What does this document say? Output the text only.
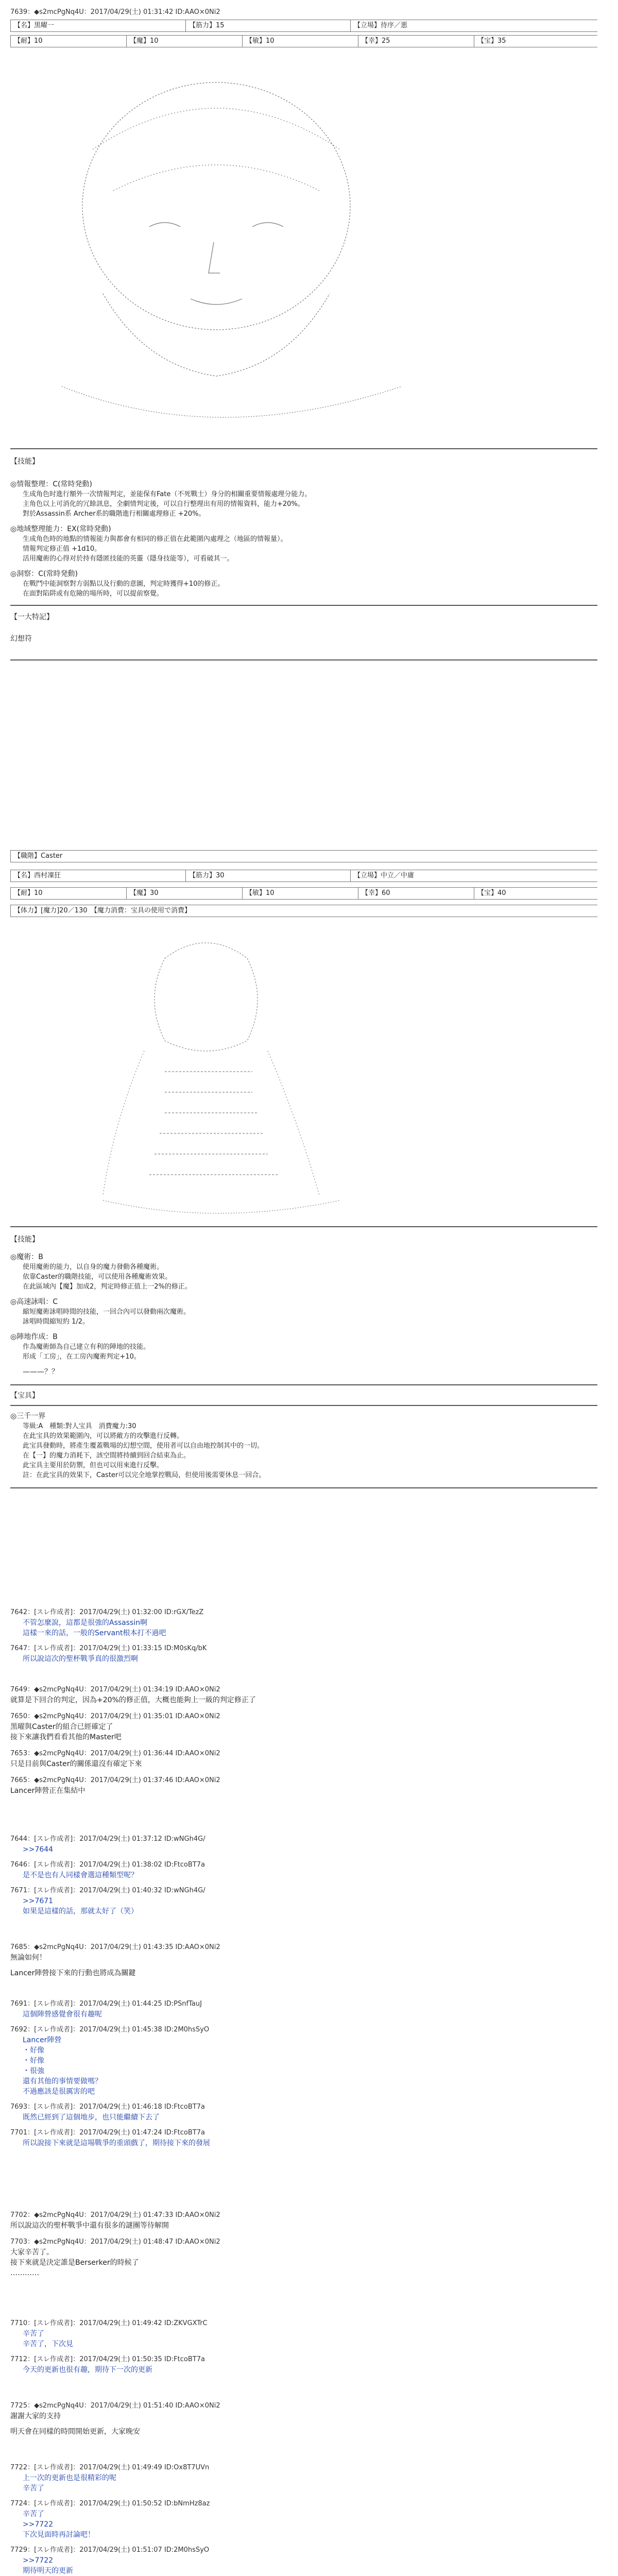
7639：◆s2mcPgNq4U：2017/04/29(土) 01:31:42 ID:AAO×0Ni2
【名】黒曜一	【筋力】15	【立場】待序／悪
【耐】10	【魔】10	【敏】10	【幸】25	【宝】35
【技能】
◎情報整理：C(常時発動)
生成角色时進行額外一次情報判定，並能保有Fate（不死戰士）身分的相關重要情報處理分能力。
主角色以上可消化的冗餘訊息，全劇情判定後，可以自行整理出有用的情報資料，能力+20%。
對於Assassin系 Archer系的職階進行相關處理修正 +20%。
◎地域整理能力：EX(常時発動)
生成角色時的地點的情報能力與都會有相同的修正值在此範圍內處理之（地區的情報量）。
情報判定修正值 +1d10。
活用魔術的心得对於持有隱匿技能的英靈（隱身技能等），可看破其一。
◎洞察：C(常時発動)
在戰鬥中能洞察對方弱點以及行動的意圖，判定時獲得+10的修正。
在面對陷阱或有危險的場所時，可以提前察覺。
【一大特記】
幻想符
【職階】Caster
【名】西村凜狂	【筋力】30	【立場】中立／中庸
【耐】10	【魔】30	【敏】10	【幸】60	【宝】40
【体力】[魔力]20／130　【魔力消費：宝具の使用で消費】
【技能】
◎魔術：B
使用魔術的能力，以自身的魔力發動各種魔術。
依靠Caster的職階技能，可以使用各種魔術效果。
在此區域內【魔】加成2，判定時修正值上一2%的修正。
◎高速詠唱：C
縮短魔術詠唱時間的技能，一回合內可以發動兩次魔術。
詠唱時間縮短約 1/2。
◎陣地作成：B
作為魔術師為自己建立有利的陣地的技能。
形成「工房」，在工房內魔術判定+10。
———？？
【宝具】
◎三千一界
等級:A　種類:對人宝具　消費魔力:30
在此宝具的效果範圍內，可以將敵方的攻擊進行反轉。
此宝具發動時，將產生覆蓋戰場的幻想空間，使用者可以自由地控制其中的一切。
在【一】的魔力消耗下，該空間將持續到回合結束為止。
此宝具主要用於防禦，但也可以用來進行反擊。
註：在此宝具的效果下，Caster可以完全地掌控戰局，但使用後需要休息一回合。
7642：[スレ作成者]：2017/04/29(土) 01:32:00 ID:rGX/TezZ
不管怎麼說，這都是很強的Assassin啊
這樣一來的話，一般的Servant根本打不過吧
7647：[スレ作成者]：2017/04/29(土) 01:33:15 ID:M0sKq/bK
所以說這次的聖杯戰爭真的很激烈啊
7649：◆s2mcPgNq4U：2017/04/29(土) 01:34:19 ID:AAO×0Ni2
就算是下回合的判定，因為+20%的修正值，大概也能夠上一級的判定修正了
7650：◆s2mcPgNq4U：2017/04/29(土) 01:35:01 ID:AAO×0Ni2
黑曜與Caster的組合已經確定了
接下來讓我們看看其他的Master吧
7653：◆s2mcPgNq4U：2017/04/29(土) 01:36:44 ID:AAO×0Ni2
只是目前與Caster的關係還沒有確定下來
7665：◆s2mcPgNq4U：2017/04/29(土) 01:37:46 ID:AAO×0Ni2
Lancer陣營正在集結中
7644：[スレ作成者]：2017/04/29(土) 01:37:12 ID:wNGh4G/
>>7644
7646：[スレ作成者]：2017/04/29(土) 01:38:02 ID:FtcoBT7a
是不是也有人同樣會選這種類型呢？
7671：[スレ作成者]：2017/04/29(土) 01:40:32 ID:wNGh4G/
>>7671
如果是這樣的話，那就太好了（笑）
7685：◆s2mcPgNq4U：2017/04/29(土) 01:43:35 ID:AAO×0Ni2
無論如何！
Lancer陣營接下來的行動也將成為關鍵
7691：[スレ作成者]：2017/04/29(土) 01:44:25 ID:PSnfTauJ
這個陣營感覺會很有趣呢
7692：[スレ作成者]：2017/04/29(土) 01:45:38 ID:2M0hsSyO
Lancer陣營
・好像
・好像
・很強
還有其他的事情要做嗎？
不過應該是很厲害的吧
7693：[スレ作成者]：2017/04/29(土) 01:46:18 ID:FtcoBT7a
既然已經到了這個地步，也只能繼續下去了
7701：[スレ作成者]：2017/04/29(土) 01:47:24 ID:FtcoBT7a
所以說接下來就是這場戰爭的重頭戲了，期待接下來的發展
7702：◆s2mcPgNq4U：2017/04/29(土) 01:47:33 ID:AAO×0Ni2
所以說這次的聖杯戰爭中還有很多的謎團等待解開
7703：◆s2mcPgNq4U：2017/04/29(土) 01:48:47 ID:AAO×0Ni2
大家辛苦了。
接下來就是決定誰是Berserker的時候了
…………
7710：[スレ作成者]：2017/04/29(土) 01:49:42 ID:ZKVGXTrC
辛苦了
辛苦了，下次見
7712：[スレ作成者]：2017/04/29(土) 01:50:35 ID:FtcoBT7a
今天的更新也很有趣，期待下一次的更新
7725：◆s2mcPgNq4U：2017/04/29(土) 01:51:40 ID:AAO×0Ni2
謝謝大家的支持
明天會在同樣的時間開始更新，大家晚安
7722：[スレ作成者]：2017/04/29(土) 01:49:49 ID:Ox8T7UVn
上一次的更新也是很精彩的呢
辛苦了
7724：[スレ作成者]：2017/04/29(土) 01:50:52 ID:bNmHz8az
辛苦了
>>7722
下次見面時再討論吧！
7729：[スレ作成者]：2017/04/29(土) 01:51:07 ID:2M0hsSyO
>>7722
期待明天的更新
